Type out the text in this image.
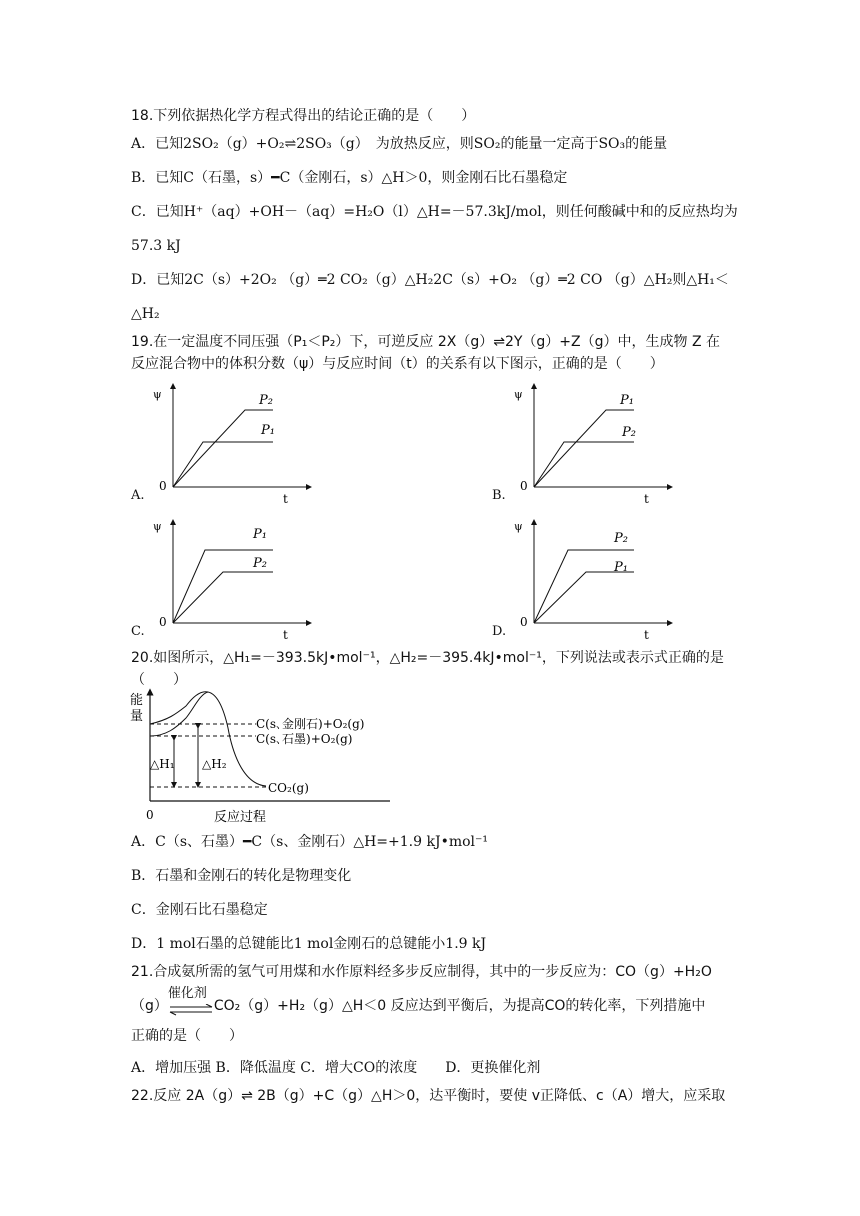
18.下列依据热化学方程式得出的结论正确的是（　　）
A．已知2SO₂（g）+O₂⇌2SO₃（g）　为放热反应，则SO₂的能量一定高于SO₃的能量
B．已知C（石墨，s）━C（金刚石，s）△H＞0，则金刚石比石墨稳定
C．已知H⁺（aq）+OH－（aq）=H₂O（l）△H=－57.3kJ/mol，则任何酸碱中和的反应热均为
57.3 kJ
D．已知2C（s）+2O₂ （g）═2 CO₂（g）△H₂2C（s）+O₂ （g）═2 CO （g）△H₂则△H₁＜
△H₂
19.在一定温度不同压强（P₁＜P₂）下，可逆反应 2X（g）⇌2Y（g）+Z（g）中，生成物 Z 在
反应混合物中的体积分数（ψ）与反应时间（t）的关系有以下图示，正确的是（　　）
A.
ψ
0
t
P₂
P₁
B.
ψ
0
t
P₁
P₂
C.
ψ
0
t
P₁
P₂
D.
ψ
0
t
P₂
P₁
20.如图所示，△H₁=－393.5kJ•mol⁻¹，△H₂=－395.4kJ•mol⁻¹，下列说法或表示式正确的是
（　　）
能
量	C(s､金刚石)+O₂(g)
C(s､石墨)+O₂(g)
CO₂(g)
△H₁ △H₂
0	反应过程
A．C（s、石墨）━C（s、金刚石）△H=+1.9 kJ•mol⁻¹
B．石墨和金刚石的转化是物理变化
C．金刚石比石墨稳定
D．1 mol石墨的总键能比1 mol金刚石的总键能小1.9 kJ
21.合成氨所需的氢气可用煤和水作原料经多步反应制得，其中的一步反应为：CO（g）+H₂O
（g）
催化剂
CO₂（g）+H₂（g）△H＜0 反应达到平衡后，为提高CO的转化率，下列措施中
正确的是（　　）
A．增加压强 B．降低温度 C．增大CO的浓度　　D．更换催化剂
22.反应 2A（g）⇌ 2B（g）+C（g）△H＞0，达平衡时，要使 v正降低、c（A）增大，应采取
